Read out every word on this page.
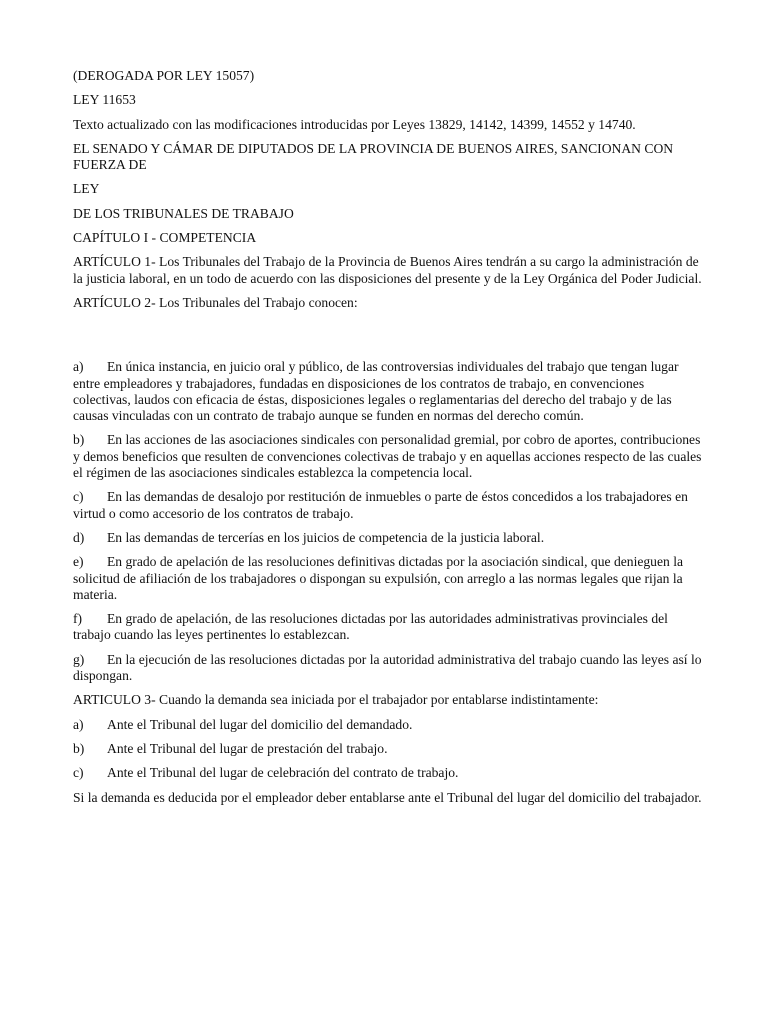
(DEROGADA POR LEY 15057)

LEY 11653

Texto actualizado con las modificaciones introducidas por Leyes 13829, 14142, 14399, 14552 y 14740.

EL SENADO Y CÁMAR DE DIPUTADOS DE LA PROVINCIA DE BUENOS AIRES, SANCIONAN CON FUERZA DE

LEY

DE LOS TRIBUNALES DE TRABAJO

CAPÍTULO I - COMPETENCIA

ARTÍCULO 1- Los Tribunales del Trabajo de la Provincia de Buenos Aires tendrán a su cargo la administración de la justicia laboral, en un todo de acuerdo con las disposiciones del presente y de la Ley Orgánica del Poder Judicial.

ARTÍCULO 2- Los Tribunales del Trabajo conocen:

a) En única instancia, en juicio oral y público, de las controversias individuales del trabajo que tengan lugar entre empleadores y trabajadores, fundadas en disposiciones de los contratos de trabajo, en convenciones colectivas, laudos con eficacia de éstas, disposiciones legales o reglamentarias del derecho del trabajo y de las causas vinculadas con un contrato de trabajo aunque se funden en normas del derecho común.

b) En las acciones de las asociaciones sindicales con personalidad gremial, por cobro de aportes, contribuciones y demos beneficios que resulten de convenciones colectivas de trabajo y en aquellas acciones respecto de las cuales el régimen de las asociaciones sindicales establezca la competencia local.

c) En las demandas de desalojo por restitución de inmuebles o parte de éstos concedidos a los trabajadores en virtud o como accesorio de los contratos de trabajo.

d) En las demandas de tercerías en los juicios de competencia de la justicia laboral.

e) En grado de apelación de las resoluciones definitivas dictadas por la asociación sindical, que denieguen la solicitud de afiliación de los trabajadores o dispongan su expulsión, con arreglo a las normas legales que rijan la materia.

f) En grado de apelación, de las resoluciones dictadas por las autoridades administrativas provinciales del trabajo cuando las leyes pertinentes lo establezcan.

g) En la ejecución de las resoluciones dictadas por la autoridad administrativa del trabajo cuando las leyes así lo dispongan.

ARTICULO 3- Cuando la demanda sea iniciada por el trabajador por entablarse indistintamente:

a) Ante el Tribunal del lugar del domicilio del demandado.

b) Ante el Tribunal del lugar de prestación del trabajo.

c) Ante el Tribunal del lugar de celebración del contrato de trabajo.

Si la demanda es deducida por el empleador deber entablarse ante el Tribunal del lugar del domicilio del trabajador.
